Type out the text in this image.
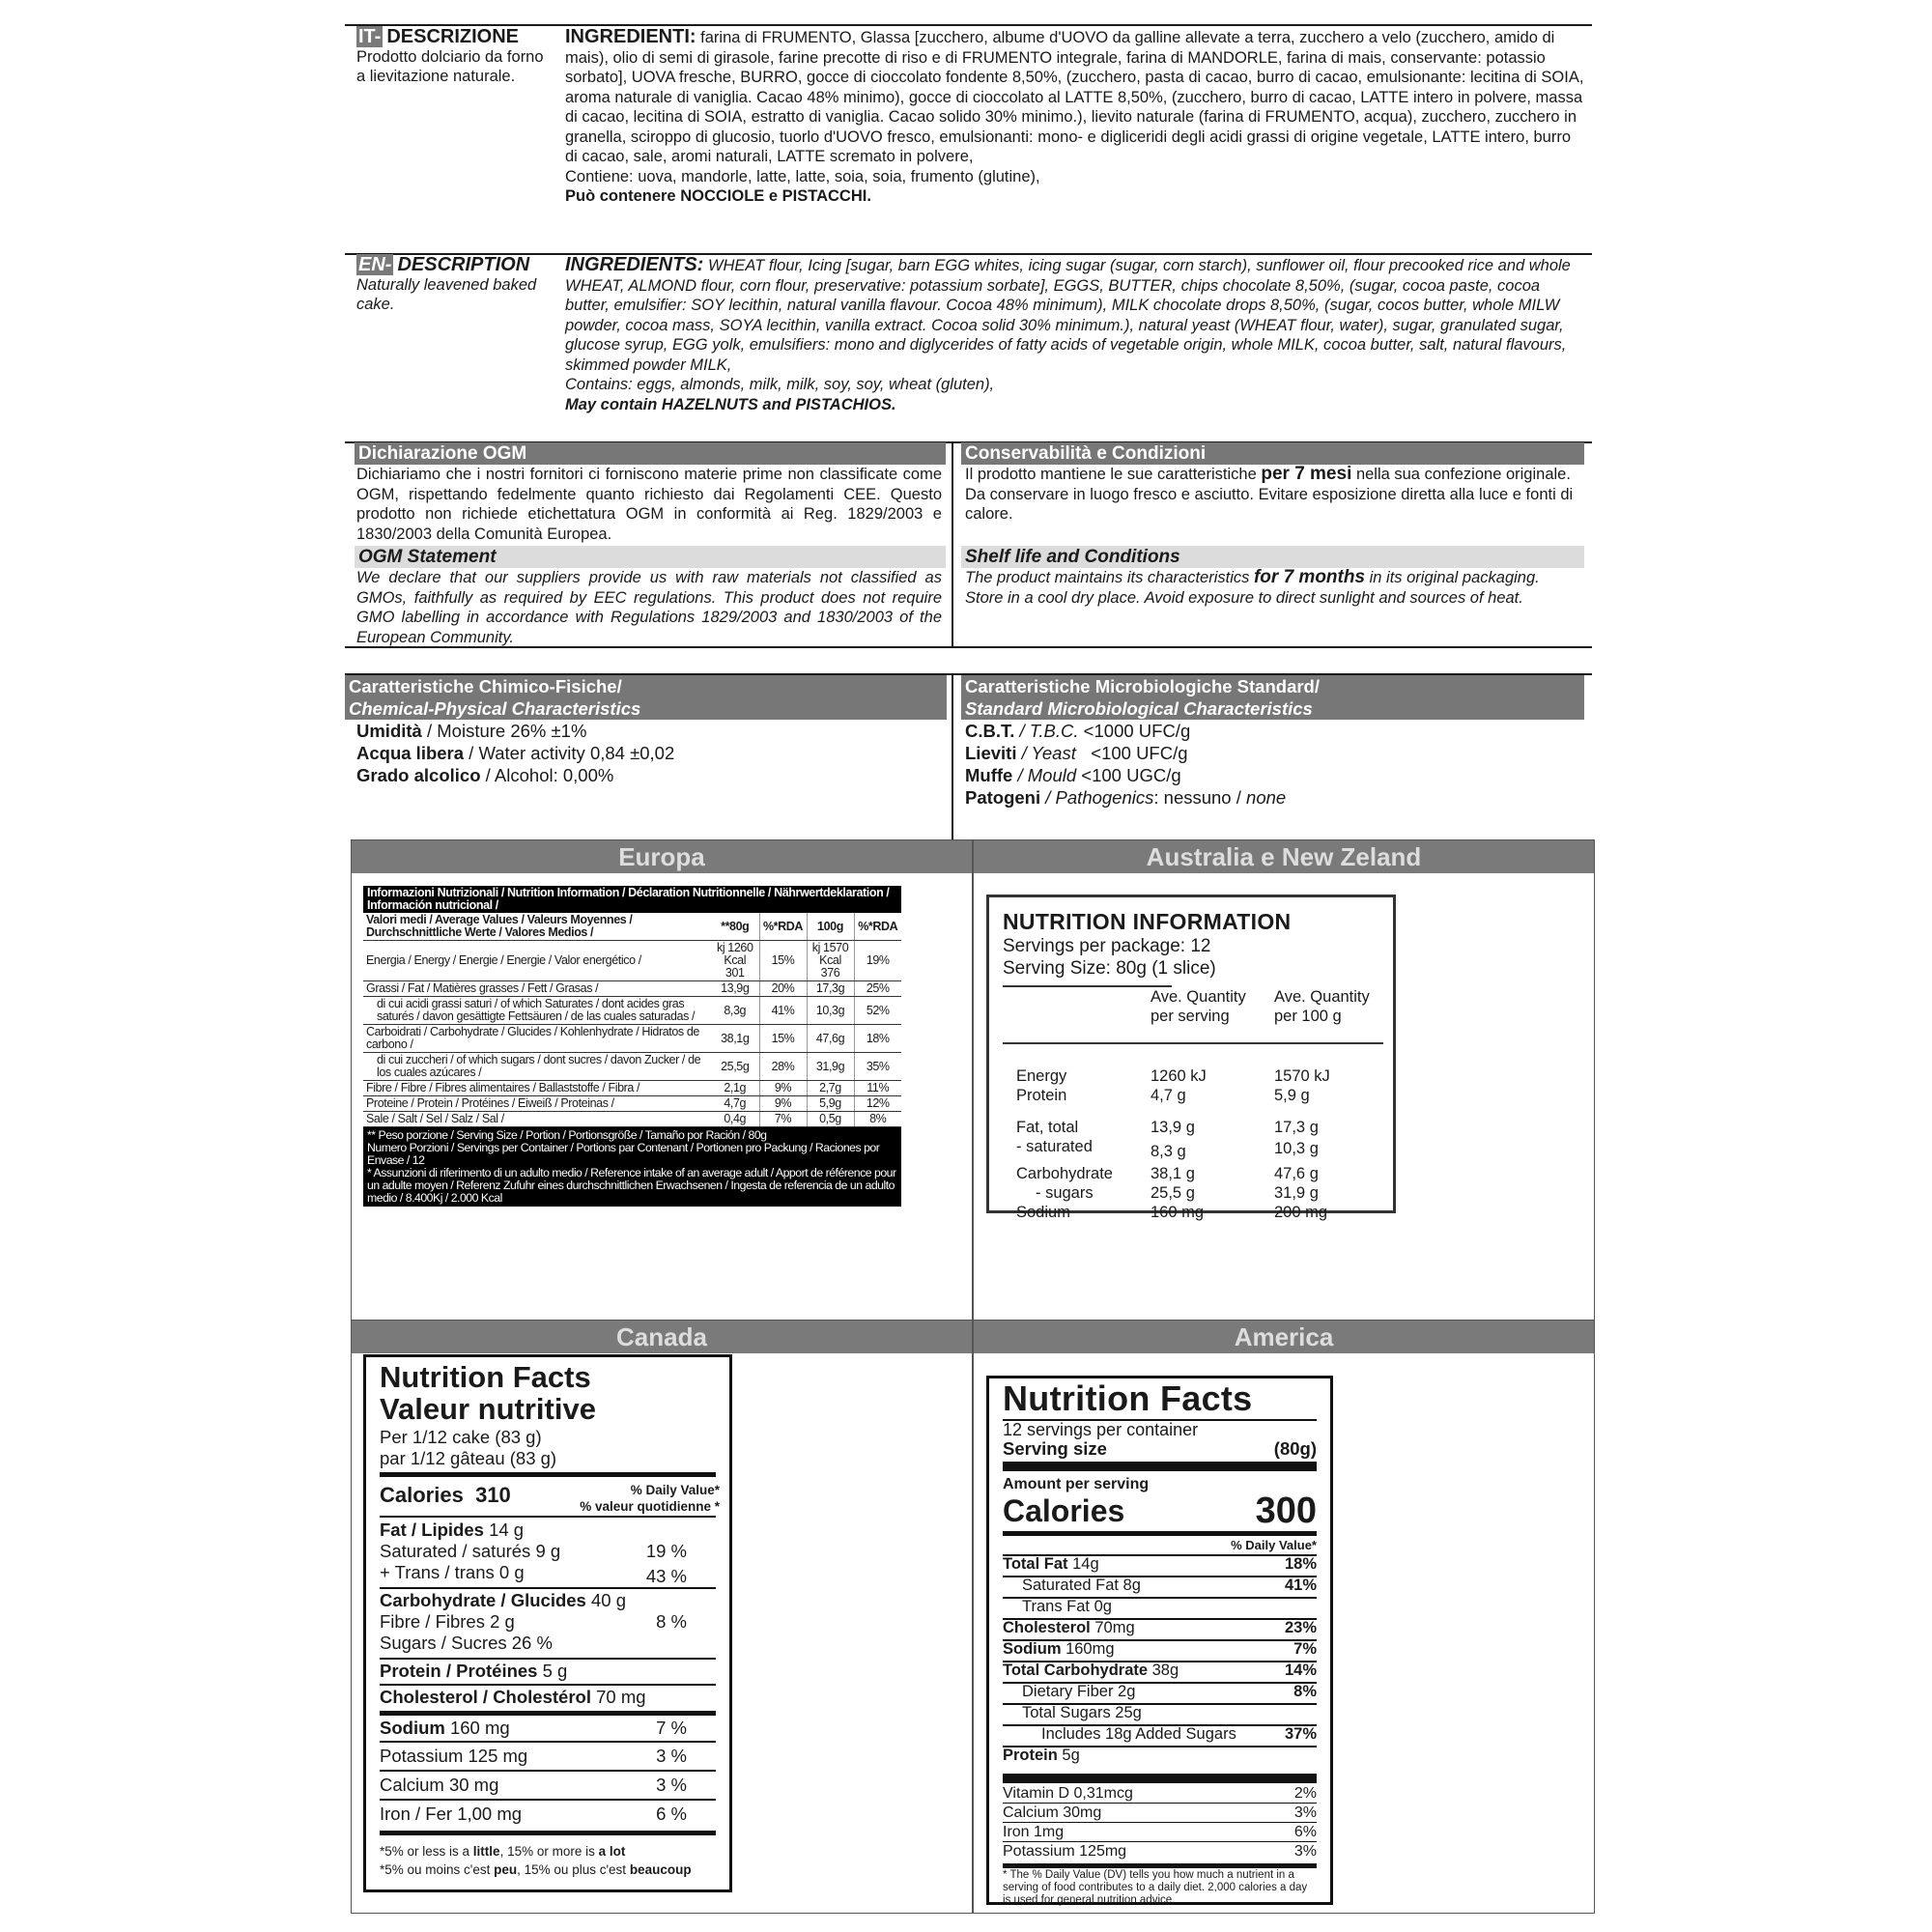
IT- DESCRIZIONE
Prodotto dolciario da forno a lievitazione naturale.
INGREDIENTI: farina di FRUMENTO, Glassa [zucchero, albume d'UOVO da galline allevate a terra, zucchero a velo (zucchero, amido di mais), olio di semi di girasole, farine precotte di riso e di FRUMENTO integrale, farina di MANDORLE, farina di mais, conservante: potassio sorbato], UOVA fresche, BURRO, gocce di cioccolato fondente 8,50%, (zucchero, pasta di cacao, burro di cacao, emulsionante: lecitina di SOIA, aroma naturale di vaniglia. Cacao 48% minimo), gocce di cioccolato al LATTE 8,50%, (zucchero, burro di cacao, LATTE intero in polvere, massa di cacao, lecitina di SOIA, estratto di vaniglia. Cacao solido 30% minimo.), lievito naturale (farina di FRUMENTO, acqua), zucchero, zucchero in granella, sciroppo di glucosio, tuorlo d'UOVO fresco, emulsionanti: mono- e digliceridi degli acidi grassi di origine vegetale, LATTE intero, burro di cacao, sale, aromi naturali, LATTE scremato in polvere,
Contiene: uova, mandorle, latte, latte, soia, soia, frumento (glutine),
Può contenere NOCCIOLE e PISTACCHI.
EN- DESCRIPTION
Naturally leavened baked cake.
INGREDIENTS: WHEAT flour, Icing [sugar, barn EGG whites, icing sugar (sugar, corn starch), sunflower oil, flour precooked rice and whole WHEAT, ALMOND flour, corn flour, preservative: potassium sorbate], EGGS, BUTTER, chips chocolate 8,50%, (sugar, cocoa paste, cocoa butter, emulsifier: SOY lecithin, natural vanilla flavour. Cocoa 48% minimum), MILK chocolate drops 8,50%, (sugar, cocos butter, whole MILW powder, cocoa mass, SOYA lecithin, vanilla extract. Cocoa solid 30% minimum.), natural yeast (WHEAT flour, water), sugar, granulated sugar, glucose syrup, EGG yolk, emulsifiers: mono and diglycerides of fatty acids of vegetable origin, whole MILK, cocoa butter, salt, natural flavours, skimmed powder MILK,
Contains: eggs, almonds, milk, milk, soy, soy, wheat (gluten),
May contain HAZELNUTS and PISTACHIOS.
Dichiarazione OGM
Dichiariamo che i nostri fornitori ci forniscono materie prime non classificate come OGM, rispettando fedelmente quanto richiesto dai Regolamenti CEE. Questo prodotto non richiede etichettatura OGM in conformità ai Reg. 1829/2003 e 1830/2003 della Comunità Europea.
OGM Statement
We declare that our suppliers provide us with raw materials not classified as GMOs, faithfully as required by EEC regulations. This product does not require GMO labelling in accordance with Regulations 1829/2003 and 1830/2003 of the European Community.
Conservabilità e Condizioni
Il prodotto mantiene le sue caratteristiche per 7 mesi nella sua confezione originale. Da conservare in luogo fresco e asciutto. Evitare esposizione diretta alla luce e fonti di calore.
Shelf life and Conditions
The product maintains its characteristics for 7 months in its original packaging. Store in a cool dry place. Avoid exposure to direct sunlight and sources of heat.
Caratteristiche Chimico-Fisiche/
Chemical-Physical Characteristics
Umidità / Moisture 26% ±1%
Acqua libera / Water activity 0,84 ±0,02
Grado alcolico / Alcohol: 0,00%
Caratteristiche Microbiologiche Standard/
Standard Microbiological Characteristics
C.B.T. / T.B.C. <1000 UFC/g
Lieviti / Yeast   <100 UFC/g
Muffe / Mould <100 UGC/g
Patogeni / Pathogenics: nessuno / none
Europa	Australia e New Zeland
Canada	America
Informazioni Nutrizionali / Nutrition Information / Déclaration Nutritionnelle / Nährwertdeklaration / Información nutricional /
Valori medi / Average Values / Valeurs Moyennes / Durchschnittliche Werte / Valores Medios /	**80g	%*RDA	100g	%*RDA
Energia / Energy / Energie / Energie / Valor energético /	kj 1260 Kcal 301	15%	kj 1570 Kcal 376	19%
Grassi / Fat / Matières grasses / Fett / Grasas /	13,9g	20%	17,3g	25%
di cui acidi grassi saturi / of which Saturates / dont acides gras saturés / davon gesättigte Fettsäuren / de las cuales saturadas /	8,3g	41%	10,3g	52%
Carboidrati / Carbohydrate / Glucides / Kohlenhydrate / Hidratos de carbono /	38,1g	15%	47,6g	18%
di cui zuccheri / of which sugars / dont sucres / davon Zucker / de los cuales azúcares /	25,5g	28%	31,9g	35%
Fibre / Fibre / Fibres alimentaires / Ballaststoffe / Fibra /	2,1g	9%	2,7g	11%
Proteine / Protein / Protéines / Eiweiß / Proteinas /	4,7g	9%	5,9g	12%
Sale / Salt / Sel / Salz / Sal /	0,4g	7%	0,5g	8%
** Peso porzione / Serving Size / Portion / Portionsgröße / Tamaño por Ración / 80g
Numero Porzioni / Servings per Container / Portions par Contenant / Portionen pro Packung / Raciones por Envase / 12
* Assunzioni di riferimento di un adulto medio / Reference intake of an average adult / Apport de référence pour un adulte moyen / Referenz Zufuhr eines durchschnittlichen Erwachsenen / Ingesta de referencia de un adulto medio / 8.400Kj / 2.000 Kcal
NUTRITION INFORMATION
Servings per package: 12
Serving Size: 80g (1 slice)
Ave. Quantity per serving
Ave. Quantity per 100 g
Energy	1260 kJ	1570 kJ
Protein	4,7 g	5,9 g
Fat, total	13,9 g	17,3 g
- saturated	8,3 g	10,3 g
Carbohydrate 38,1 g	47,6 g
- sugars	25,5 g	31,9 g
Sodium	160 mg	200 mg
Nutrition Facts
Valeur nutritive
Per 1/12 cake (83 g)
par 1/12 gâteau (83 g)
Calories 310	% Daily Value*
% valeur quotidienne *
Fat / Lipides 14 g
Saturated / saturés 9 g	19 %
+ Trans / trans 0 g	43 %
Carbohydrate / Glucides 40 g
Fibre / Fibres 2 g	8 %
Sugars / Sucres 26 %
Protein / Protéines 5 g
Cholesterol / Cholestérol 70 mg
Sodium 160 mg	7 %
Potassium 125 mg	3 %
Calcium 30 mg	3 %
Iron / Fer 1,00 mg	6 %
*5% or less is a little, 15% or more is a lot
*5% ou moins c'est peu, 15% ou plus c'est beaucoup
Nutrition Facts
12 servings per container
Serving size	(80g)
Amount per serving
Calories	300
% Daily Value*
Total Fat 14g	18%
Saturated Fat 8g	41%
Trans Fat 0g
Cholesterol 70mg	23%
Sodium 160mg	7%
Total Carbohydrate 38g	14%
Dietary Fiber 2g	8%
Total Sugars 25g
Includes 18g Added Sugars	37%
Protein 5g
Vitamin D 0,31mcg	2%
Calcium 30mg	3%
Iron 1mg	6%
Potassium 125mg	3%
* The % Daily Value (DV) tells you how much a nutrient in a serving of food contributes to a daily diet. 2,000 calories a day is used for general nutrition advice.
